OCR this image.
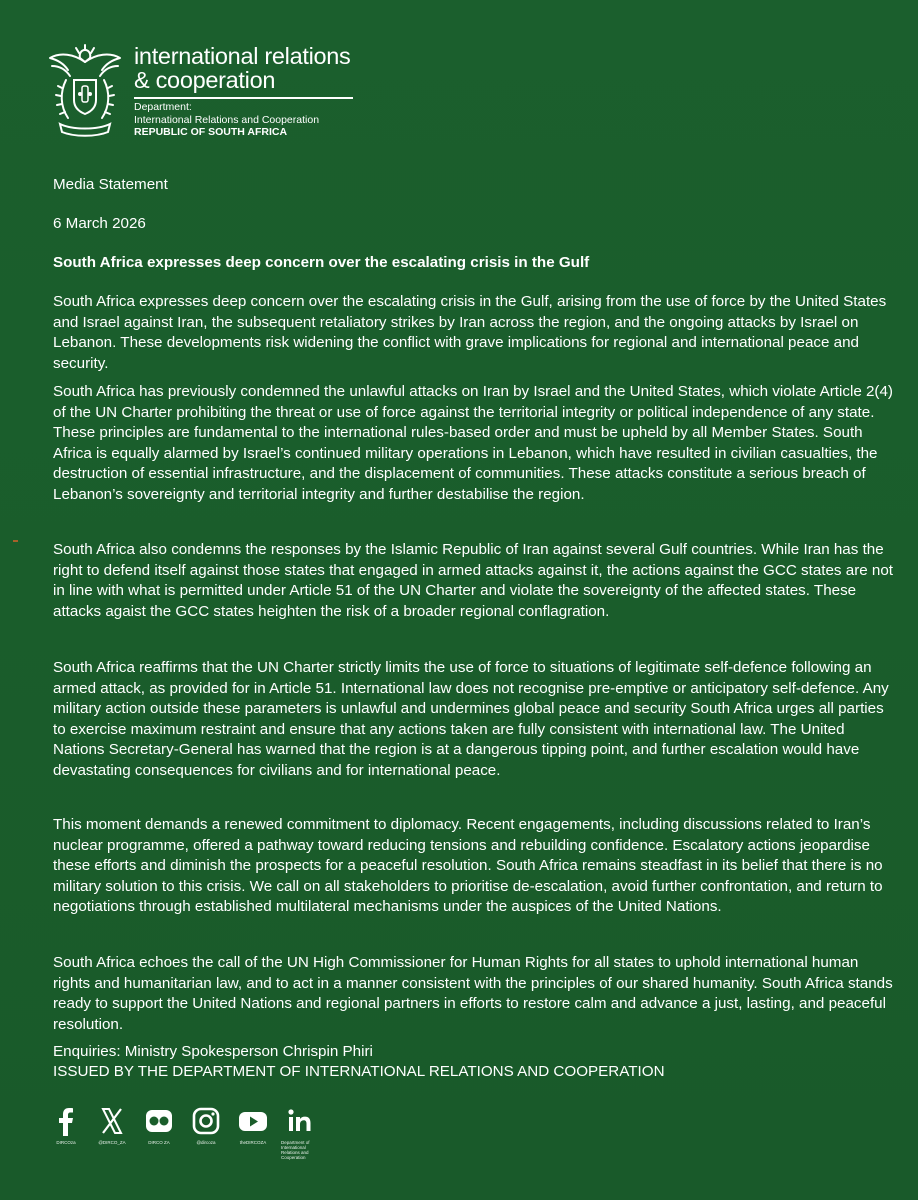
international relations
& cooperation
Department:
International Relations and Cooperation
REPUBLIC OF SOUTH AFRICA

Media Statement

6 March 2026

South Africa expresses deep concern over the escalating crisis in the Gulf

South Africa expresses deep concern over the escalating crisis in the Gulf, arising from the use of force by the United States and Israel against Iran, the subsequent retaliatory strikes by Iran across the region, and the ongoing attacks by Israel on Lebanon. These developments risk widening the conflict with grave implications for regional and international peace and security.

South Africa has previously condemned the unlawful attacks on Iran by Israel and the United States, which violate Article 2(4) of the UN Charter prohibiting the threat or use of force against the territorial integrity or political independence of any state. These principles are fundamental to the international rules-based order and must be upheld by all Member States. South Africa is equally alarmed by Israel’s continued military operations in Lebanon, which have resulted in civilian casualties, the destruction of essential infrastructure, and the displacement of communities. These attacks constitute a serious breach of Lebanon’s sovereignty and territorial integrity and further destabilise the region.

South Africa also condemns the responses by the Islamic Republic of Iran against several Gulf countries. While Iran has the right to defend itself against those states that engaged in armed attacks against it, the actions against the GCC states are not in line with what is permitted under Article 51 of the UN Charter and violate the sovereignty of the affected states. These attacks agaist the GCC states heighten the risk of a broader regional conflagration.

South Africa reaffirms that the UN Charter strictly limits the use of force to situations of legitimate self-defence following an armed attack, as provided for in Article 51. International law does not recognise pre-emptive or anticipatory self-defence. Any military action outside these parameters is unlawful and undermines global peace and security South Africa urges all parties to exercise maximum restraint and ensure that any actions taken are fully consistent with international law. The United Nations Secretary-General has warned that the region is at a dangerous tipping point, and further escalation would have devastating consequences for civilians and for international peace.

This moment demands a renewed commitment to diplomacy. Recent engagements, including discussions related to Iran’s nuclear programme, offered a pathway toward reducing tensions and rebuilding confidence. Escalatory actions jeopardise these efforts and diminish the prospects for a peaceful resolution. South Africa remains steadfast in its belief that there is no military solution to this crisis. We call on all stakeholders to prioritise de-escalation, avoid further confrontation, and return to negotiations through established multilateral mechanisms under the auspices of the United Nations.

South Africa echoes the call of the UN High Commissioner for Human Rights for all states to uphold international human rights and humanitarian law, and to act in a manner consistent with the principles of our shared humanity. South Africa stands ready to support the United Nations and regional partners in efforts to restore calm and advance a just, lasting, and peaceful resolution.

Enquiries: Ministry Spokesperson Chrispin Phiri

ISSUED BY THE DEPARTMENT OF INTERNATIONAL RELATIONS AND COOPERATION

DIRCOza	@DIRCO_ZA	DIRCO ZA	@dircoza	theDIRCOZA	Department of International Relations and Cooperation
